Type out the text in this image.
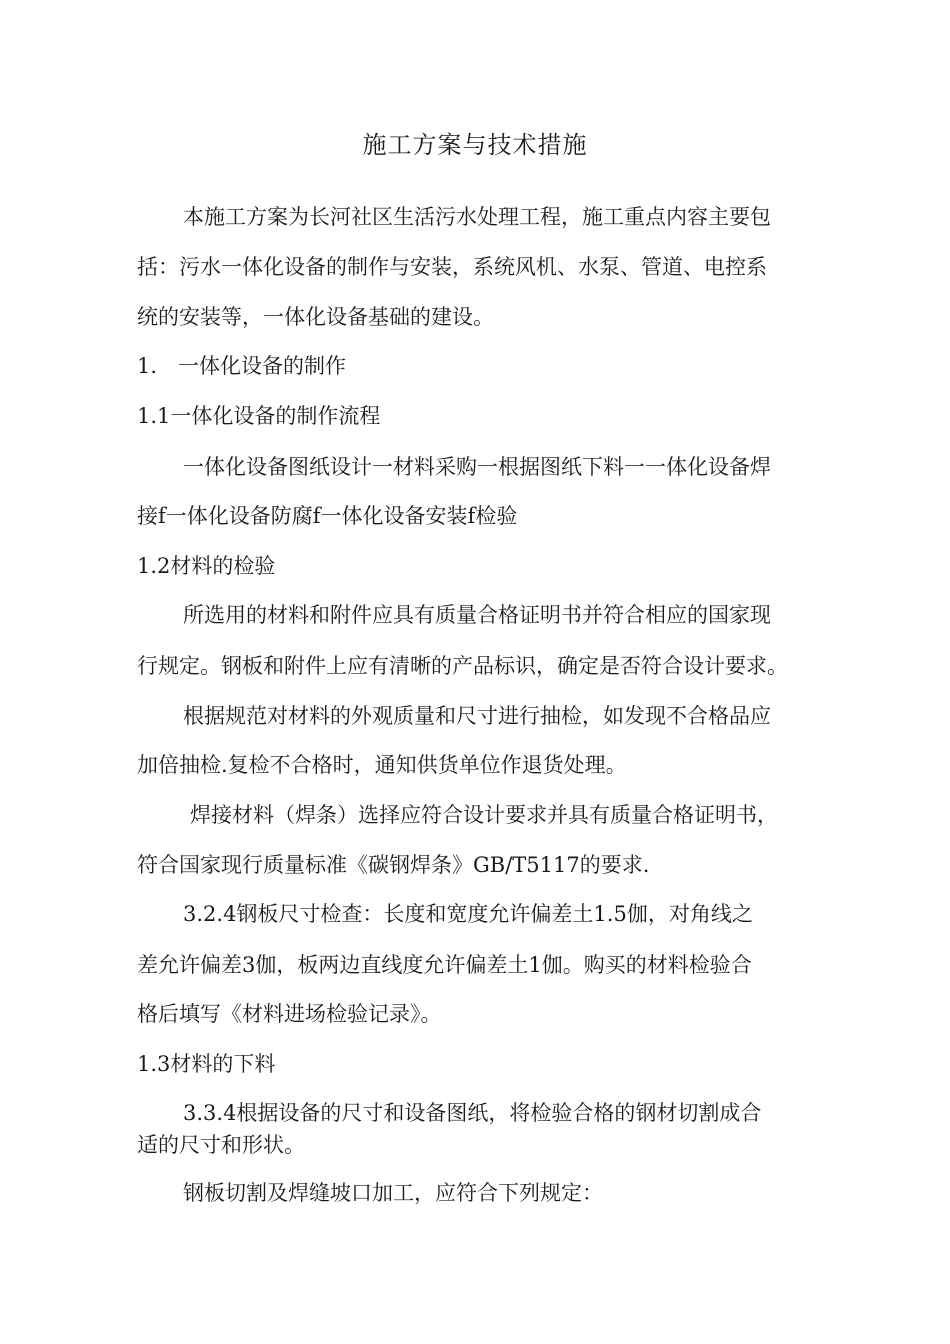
施工方案与技术措施
本施工方案为长河社区生活污水处理工程，施工重点内容主要包
括：污水一体化设备的制作与安装，系统风机、水泵、管道、电控系
统的安装等，一体化设备基础的建设。
1.　一体化设备的制作
1.1一体化设备的制作流程
一体化设备图纸设计一材料采购一根据图纸下料一一体化设备焊
接f一体化设备防腐f一体化设备安装f检验
1.2材料的检验
所选用的材料和附件应具有质量合格证明书并符合相应的国家现
行规定。钢板和附件上应有清晰的产品标识，确定是否符合设计要求。
根据规范对材料的外观质量和尺寸进行抽检，如发现不合格品应
加倍抽检.复检不合格时，通知供货单位作退货处理。
焊接材料（焊条）选择应符合设计要求并具有质量合格证明书，
符合国家现行质量标准《碳钢焊条》GB/T5117的要求.
3.2.4钢板尺寸检查：长度和宽度允许偏差土1.5伽，对角线之
差允许偏差3伽，板两边直线度允许偏差土1伽。购买的材料检验合
格后填写《材料进场检验记录》。
1.3材料的下料
3.3.4根据设备的尺寸和设备图纸，将检验合格的钢材切割成合
适的尺寸和形状。
钢板切割及焊缝坡口加工，应符合下列规定：
